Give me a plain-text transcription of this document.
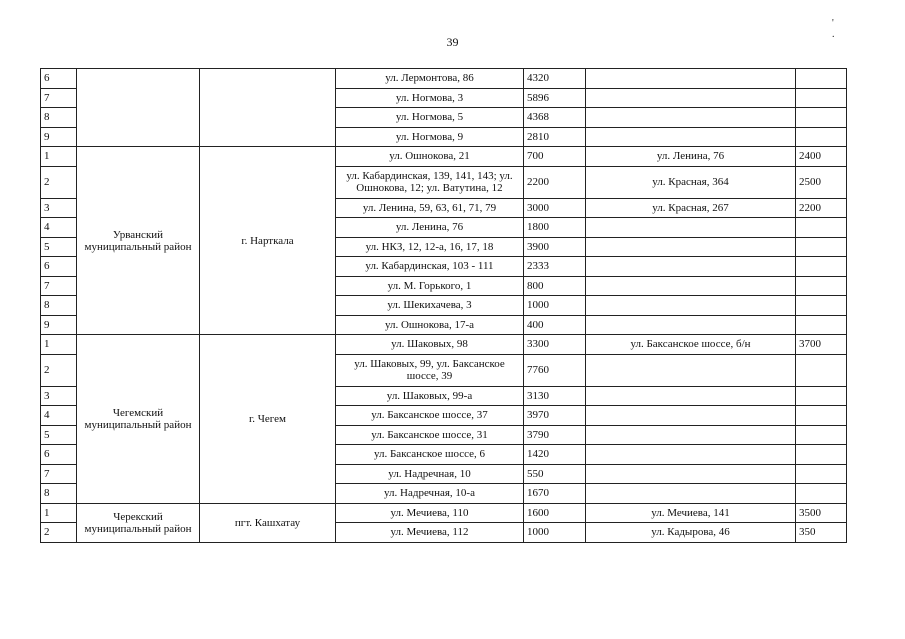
39
' .
6			ул. Лермонтова, 86	4320		
7			ул. Ногмова, 3	5896		
8			ул. Ногмова, 5	4368		
9			ул. Ногмова, 9	2810		
1	Урванский муниципальный район	г. Нарткала	ул. Ошнокова, 21	700	ул. Ленина, 76	2400
2			ул. Кабардинская, 139, 141, 143; ул. Ошнокова, 12; ул. Ватутина, 12	2200	ул. Красная, 364	2500
3			ул. Ленина, 59, 63, 61, 71, 79	3000	ул. Красная, 267	2200
4			ул. Ленина, 76	1800		
5			ул. НКЗ, 12, 12-а, 16, 17, 18	3900		
6			ул. Кабардинская, 103 - 111	2333		
7			ул. М. Горького, 1	800		
8			ул. Шекихачева, 3	1000		
9			ул. Ошнокова, 17-а	400		
1	Чегемский муниципальный район	г. Чегем	ул. Шаковых, 98	3300	ул. Баксанское шоссе, б/н	3700
2			ул. Шаковых, 99, ул. Баксанское шоссе, 39	7760		
3			ул. Шаковых, 99-а	3130		
4			ул. Баксанское шоссе, 37	3970		
5			ул. Баксанское шоссе, 31	3790		
6			ул. Баксанское шоссе, 6	1420		
7			ул. Надречная, 10	550		
8			ул. Надречная, 10-а	1670		
1	Черекский муниципальный район	пгт. Кашхатау	ул. Мечиева, 110	1600	ул. Мечиева, 141	3500
2			ул. Мечиева, 112	1000	ул. Кадырова, 46	350
